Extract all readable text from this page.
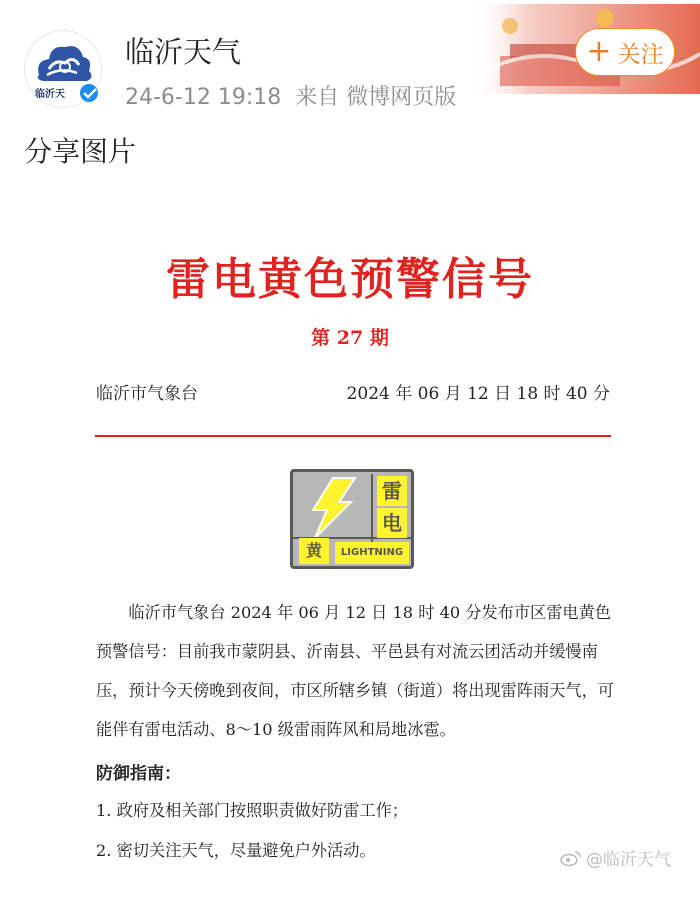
临沂天
临沂天气
24-6-12 19:18 来自 微博网页版
+ 关注
分享图片
雷电黄色预警信号
第 27 期
临沂市气象台	2024 年 06 月 12 日 18 时 40 分
雷
电
黄	LIGHTNING
临沂市气象台 2024 年 06 月 12 日 18 时 40 分发布市区雷电黄色预警信号：目前我市蒙阴县、沂南县、平邑县有对流云团活动并缓慢南压，预计今天傍晚到夜间，市区所辖乡镇（街道）将出现雷阵雨天气，可能伴有雷电活动、8～10 级雷雨阵风和局地冰雹。
防御指南：
1. 政府及相关部门按照职责做好防雷工作；
2. 密切关注天气，尽量避免户外活动。	@临沂天气
